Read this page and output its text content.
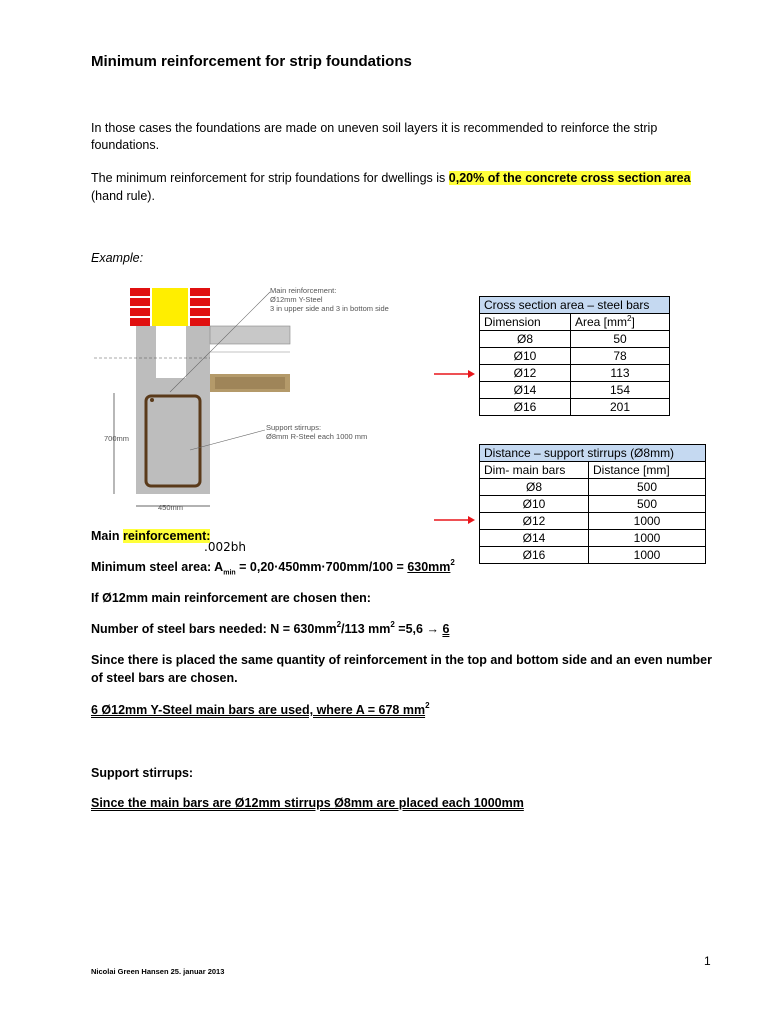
Minimum reinforcement for strip foundations
In those cases the foundations are made on uneven soil layers it is recommended to reinforce the strip
foundations.
The minimum reinforcement for strip foundations for dwellings is 0,20% of the concrete cross section area
(hand rule).
Example:
Main reinforcement:
Ø12mm Y-Steel
3 in upper side and 3 in bottom side
Support stirrups:
Ø8mm R-Steel each 1000 mm
700mm
450mm
Cross section area – steel bars	
Dimension	Area $[mm^2]$
Ø8	50
Ø10	78
Ø12	113
Ø14	154
Ø16	201
Distance – support stirrups (Ø8mm)	
Dim- main bars	Distance [mm]
Ø8	500
Ø10	500
Ø12	1000
Ø14	1000
Ø16	1000
Main reinforcement:
.002bh
Minimum steel area: $A_{min} = 0,20\cdot 450mm\cdot 700mm/100 = 630mm^2$
If Ø12mm main reinforcement are chosen then:
Number of steel bars needed: $N = 630mm^2/113$ $mm^2 =5,6 \to 6$
Since there is placed the same quantity of reinforcement in the top and bottom side and an even number
of steel bars are chosen.
6 Ø12mm Y-Steel main bars are used, where A = 678 $mm^2$
Support stirrups:
Since the main bars are Ø12mm stirrups Ø8mm are placed each 1000mm
1
Nicolai Green Hansen 25. januar 2013
